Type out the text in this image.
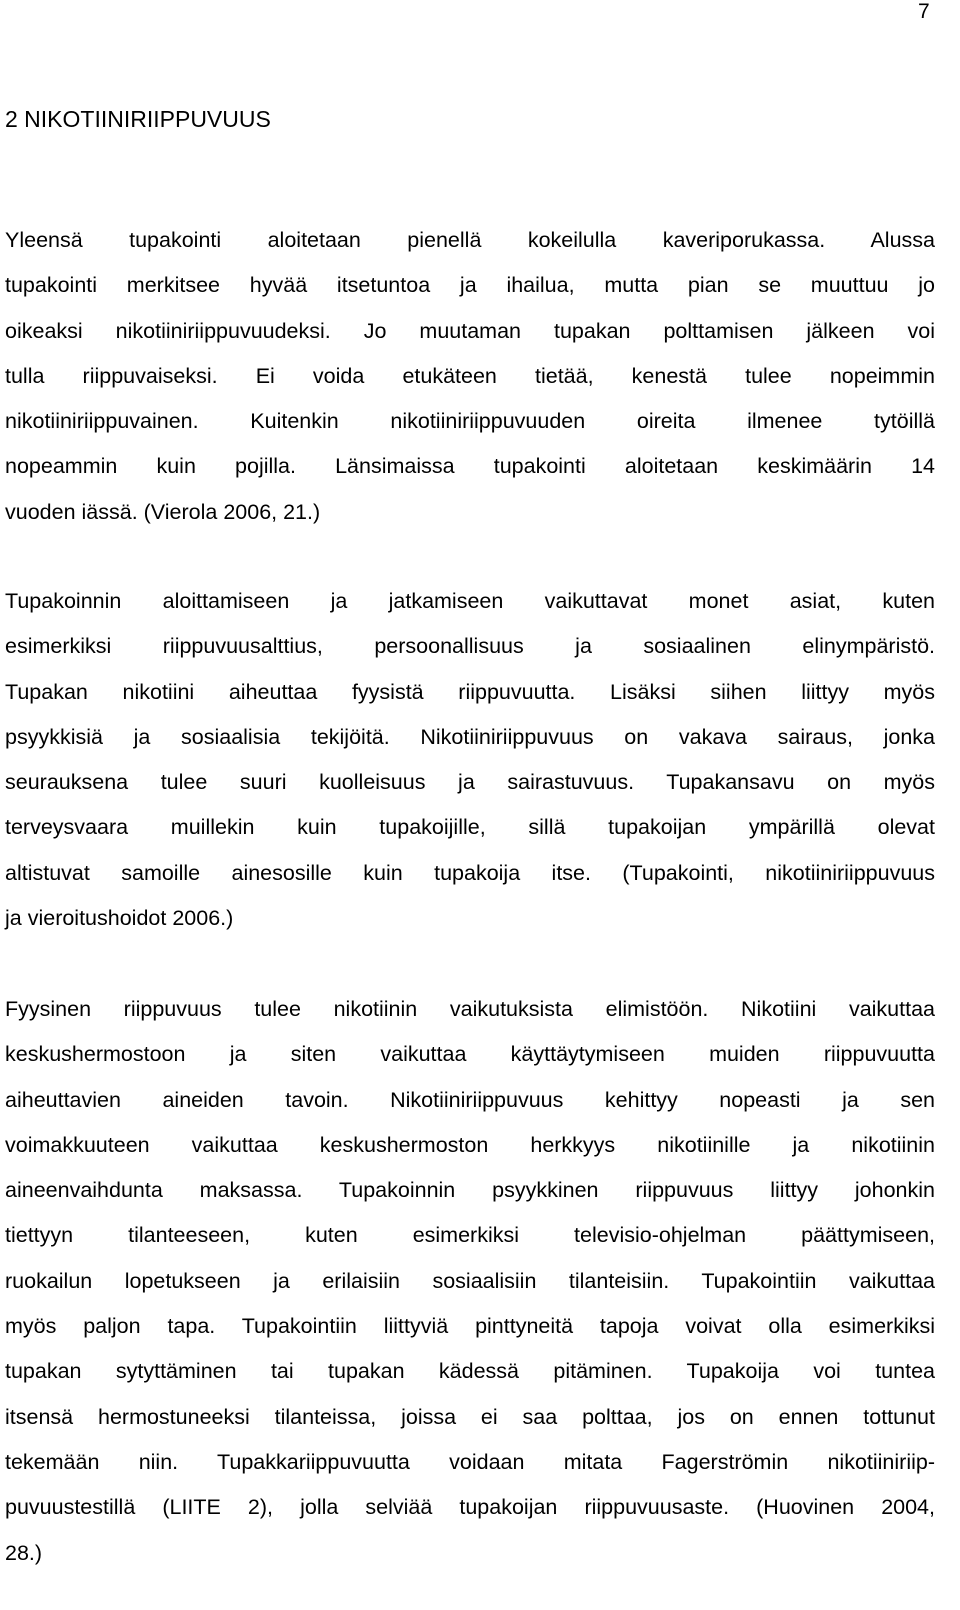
7
2 NIKOTIINIRIIPPUVUUS

Yleensä tupakointi aloitetaan pienellä kokeilulla kaveriporukassa. Alussa
tupakointi merkitsee hyvää itsetuntoa ja ihailua, mutta pian se muuttuu jo
oikeaksi nikotiiniriippuvuudeksi. Jo muutaman tupakan polttamisen jälkeen voi
tulla riippuvaiseksi. Ei voida etukäteen tietää, kenestä tulee nopeimmin
nikotiiniriippuvainen. Kuitenkin nikotiiniriippuvuuden oireita ilmenee tytöillä
nopeammin kuin pojilla. Länsimaissa tupakointi aloitetaan keskimäärin 14
vuoden iässä. (Vierola 2006, 21.)

Tupakoinnin aloittamiseen ja jatkamiseen vaikuttavat monet asiat, kuten
esimerkiksi riippuvuusalttius, persoonallisuus ja sosiaalinen elinympäristö.
Tupakan nikotiini aiheuttaa fyysistä riippuvuutta. Lisäksi siihen liittyy myös
psyykkisiä ja sosiaalisia tekijöitä. Nikotiiniriippuvuus on vakava sairaus, jonka
seurauksena tulee suuri kuolleisuus ja sairastuvuus. Tupakansavu on myös
terveysvaara muillekin kuin tupakoijille, sillä tupakoijan ympärillä olevat
altistuvat samoille ainesosille kuin tupakoija itse. (Tupakointi, nikotiiniriippuvuus
ja vieroitushoidot 2006.)

Fyysinen riippuvuus tulee nikotiinin vaikutuksista elimistöön. Nikotiini vaikuttaa
keskushermostoon ja siten vaikuttaa käyttäytymiseen muiden riippuvuutta
aiheuttavien aineiden tavoin. Nikotiiniriippuvuus kehittyy nopeasti ja sen
voimakkuuteen vaikuttaa keskushermoston herkkyys nikotiinille ja nikotiinin
aineenvaihdunta maksassa. Tupakoinnin psyykkinen riippuvuus liittyy johonkin
tiettyyn tilanteeseen, kuten esimerkiksi televisio-ohjelman päättymiseen,
ruokailun lopetukseen ja erilaisiin sosiaalisiin tilanteisiin. Tupakointiin vaikuttaa
myös paljon tapa. Tupakointiin liittyviä pinttyneitä tapoja voivat olla esimerkiksi
tupakan sytyttäminen tai tupakan kädessä pitäminen. Tupakoija voi tuntea
itsensä hermostuneeksi tilanteissa, joissa ei saa polttaa, jos on ennen tottunut
tekemään niin. Tupakkariippuvuutta voidaan mitata Fagerströmin nikotiiniriip-
puvuustestillä (LIITE 2), jolla selviää tupakoijan riippuvuusaste. (Huovinen 2004,
28.)
